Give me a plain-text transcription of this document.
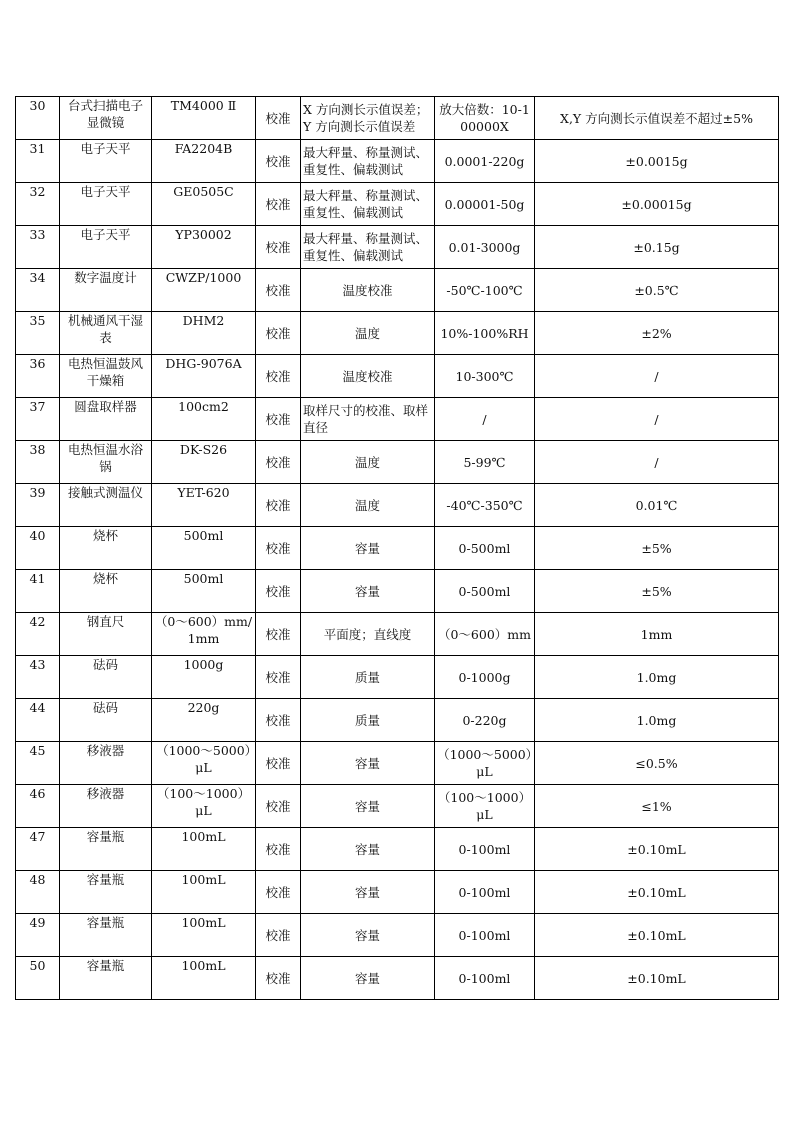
30	台式扫描电子显微镜	TM4000 Ⅱ	校准	X 方向测长示值误差；Y 方向测长示值误差	放大倍数：10-100000X	X,Y 方向测长示值误差不超过±5%
31	电子天平	FA2204B	校准	最大秤量、称量测试、重复性、偏载测试	0.0001-220g	±0.0015g
32	电子天平	GE0505C	校准	最大秤量、称量测试、重复性、偏载测试	0.00001-50g	±0.00015g
33	电子天平	YP30002	校准	最大秤量、称量测试、重复性、偏载测试	0.01-3000g	±0.15g
34	数字温度计	CWZP/1000	校准	温度校准	-50℃-100℃	±0.5℃
35	机械通风干湿表	DHM2	校准	温度	10%-100%RH	±2%
36	电热恒温鼓风干燥箱	DHG-9076A	校准	温度校准	10-300℃	/
37	圆盘取样器	100cm2	校准	取样尺寸的校准、取样直径	/	/
38	电热恒温水浴锅	DK-S26	校准	温度	5-99℃	/
39	接触式测温仪	YET-620	校准	温度	-40℃-350℃	0.01℃
40	烧杯	500ml	校准	容量	0-500ml	±5%
41	烧杯	500ml	校准	容量	0-500ml	±5%
42	钢直尺	（0～600）mm/1mm	校准	平面度；直线度	（0～600）mm	1mm
43	砝码	1000g	校准	质量	0-1000g	1.0mg
44	砝码	220g	校准	质量	0-220g	1.0mg
45	移液器	（1000～5000）μL	校准	容量	（1000～5000）μL	≤0.5%
46	移液器	（100～1000）μL	校准	容量	（100～1000）μL	≤1%
47	容量瓶	100mL	校准	容量	0-100ml	±0.10mL
48	容量瓶	100mL	校准	容量	0-100ml	±0.10mL
49	容量瓶	100mL	校准	容量	0-100ml	±0.10mL
50	容量瓶	100mL	校准	容量	0-100ml	±0.10mL
